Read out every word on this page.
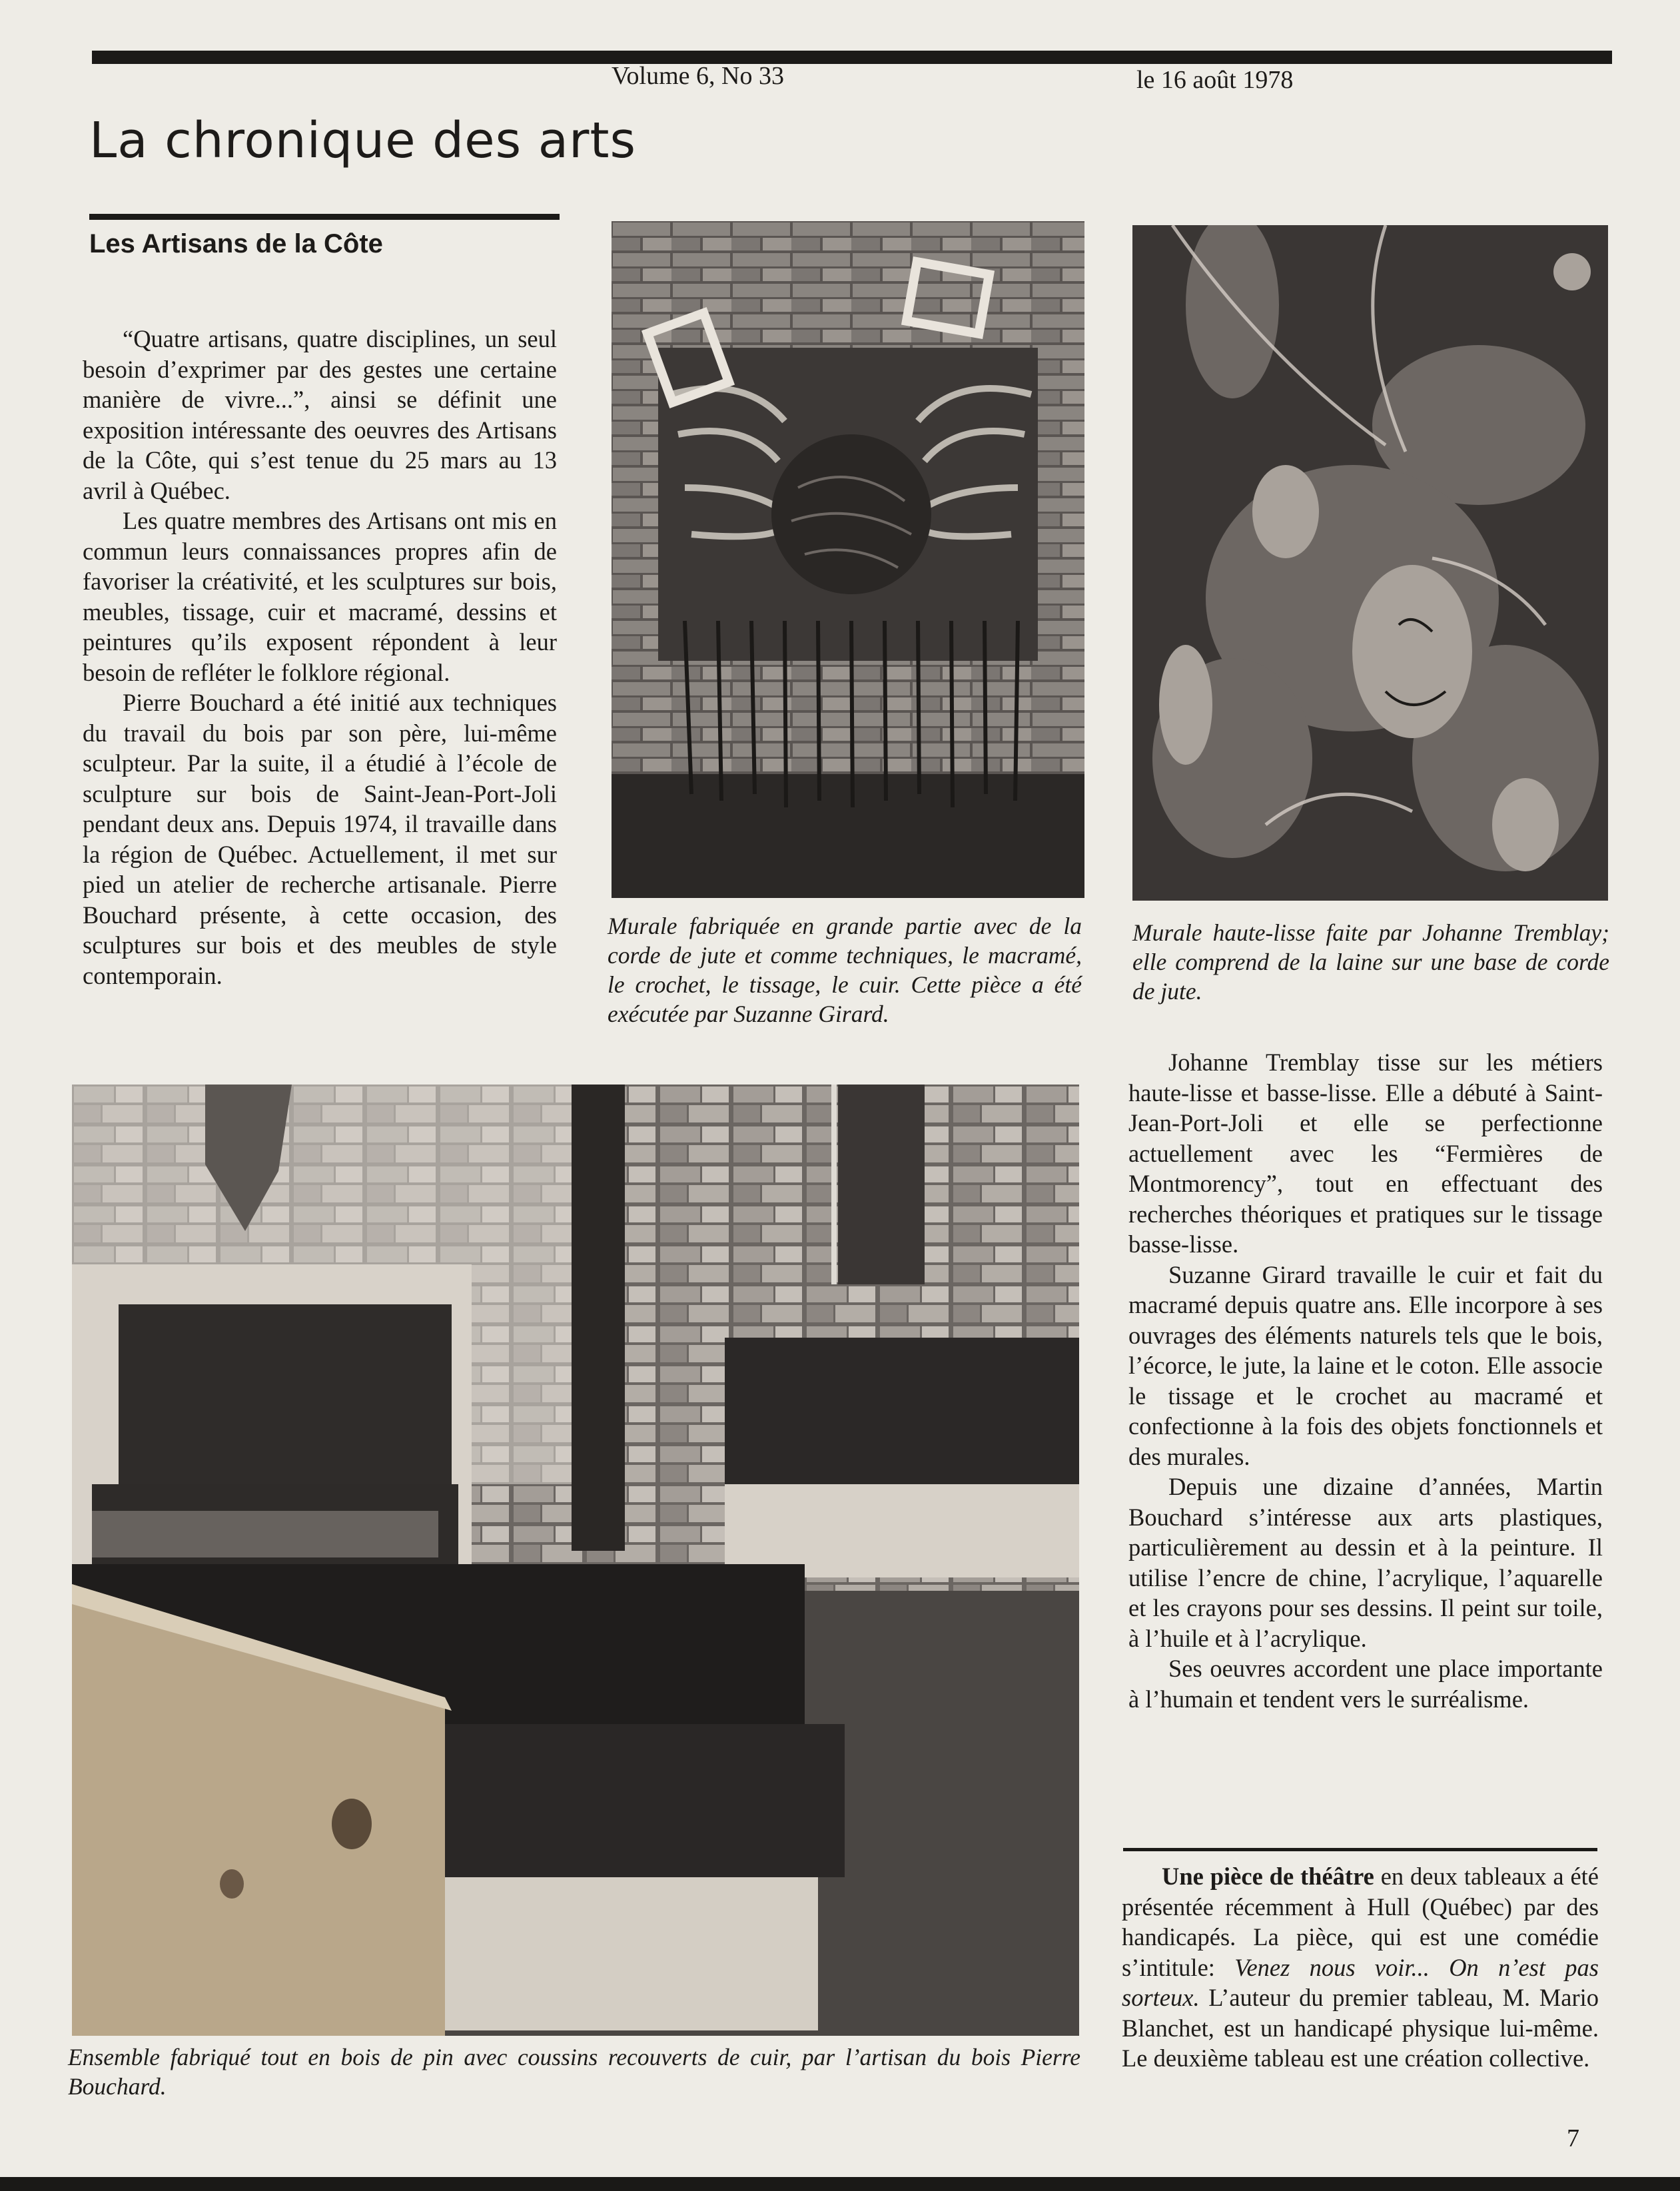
Volume 6, No 33	le 16 août 1978
La chronique des arts
Les Artisans de la Côte

“Quatre artisans, quatre disciplines, un seul besoin d’exprimer par des gestes une certaine manière de vivre...”, ainsi se définit une exposition intéressante des oeuvres des Artisans de la Côte, qui s’est tenue du 25 mars au 13 avril à Québec.

Les quatre membres des Artisans ont mis en commun leurs connaissances propres afin de favoriser la créativité, et les sculptures sur bois, meubles, tissage, cuir et macramé, dessins et peintures qu’ils exposent répondent à leur besoin de refléter le folklore régional.

Pierre Bouchard a été initié aux techniques du travail du bois par son père, lui-même sculpteur. Par la suite, il a étudié à l’école de sculpture sur bois de Saint-Jean-Port-Joli pendant deux ans. Depuis 1974, il travaille dans la région de Québec. Actuellement, il met sur pied un atelier de recherche artisanale. Pierre Bouchard présente, à cette occasion, des sculptures sur bois et des meubles de style contemporain.

Murale fabriquée en grande partie avec de la corde de jute et comme techniques, le macramé, le crochet, le tissage, le cuir. Cette pièce a été exécutée par Suzanne Girard.
Murale haute-lisse faite par Johanne Tremblay; elle comprend de la laine sur une base de corde de jute.
Ensemble fabriqué tout en bois de pin avec coussins recouverts de cuir, par l’artisan du bois Pierre Bouchard.

Johanne Tremblay tisse sur les métiers haute-lisse et basse-lisse. Elle a débuté à Saint-Jean-Port-Joli et elle se perfectionne actuellement avec les “Fermières de Montmorency”, tout en effectuant des recherches théoriques et pratiques sur le tissage basse-lisse.

Suzanne Girard travaille le cuir et fait du macramé depuis quatre ans. Elle incorpore à ses ouvrages des éléments naturels tels que le bois, l’écorce, le jute, la laine et le coton. Elle associe le tissage et le crochet au macramé et confectionne à la fois des objets fonctionnels et des murales.

Depuis une dizaine d’années, Martin Bouchard s’intéresse aux arts plastiques, particulièrement au dessin et à la peinture. Il utilise l’encre de chine, l’acrylique, l’aquarelle et les crayons pour ses dessins. Il peint sur toile, à l’huile et à l’acrylique.

Ses oeuvres accordent une place importante à l’humain et tendent vers le surréalisme.

Une pièce de théâtre en deux tableaux a été présentée récemment à Hull (Québec) par des handicapés. La pièce, qui est une comédie s’intitule: Venez nous voir... On n’est pas sorteux. L’auteur du premier tableau, M. Mario Blanchet, est un handicapé physique lui-même. Le deuxième tableau est une création collective.

7
